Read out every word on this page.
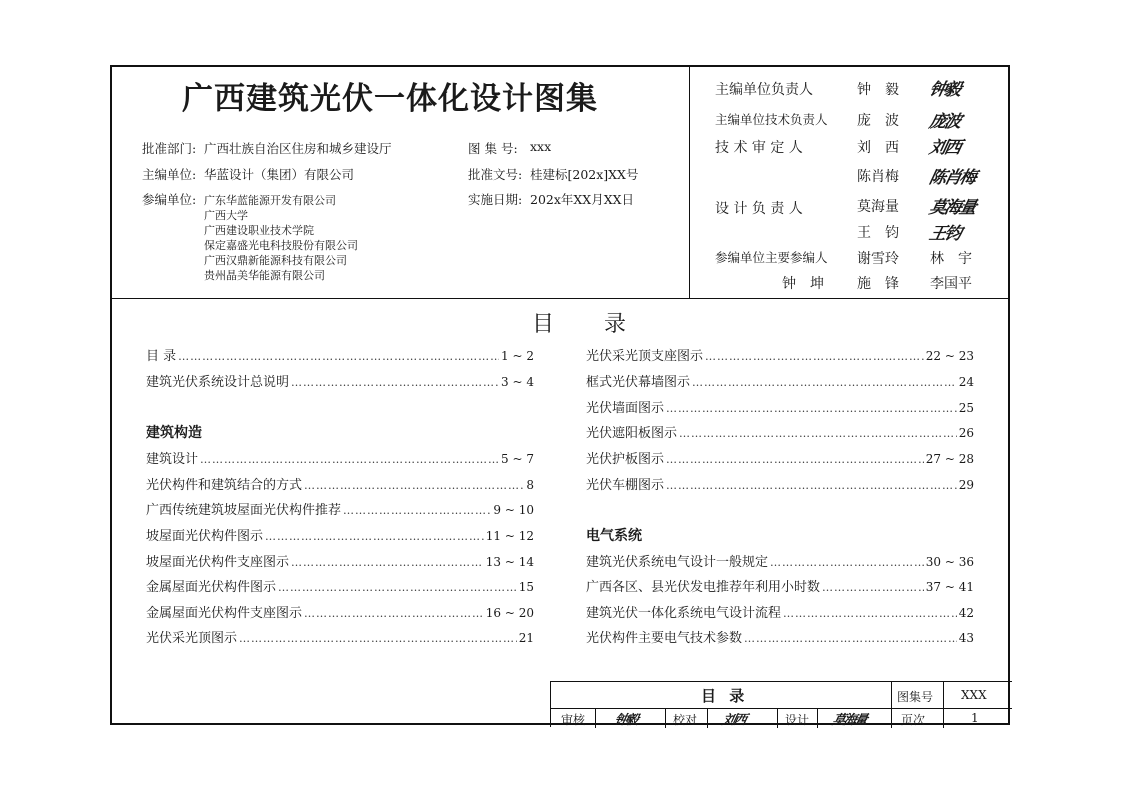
广西建筑光伏一体化设计图集
批准部门: 广西壮族自治区住房和城乡建设厅
主编单位: 华蓝设计（集团）有限公司
参编单位: 广东华蓝能源开发有限公司
广西大学
广西建设职业技术学院
保定嘉盛光电科技股份有限公司
广西汉鼎新能源科技有限公司
贵州晶美华能源有限公司
图 集 号: xxx
批准文号: 桂建标[202x]XX号
实施日期: 202x年XX月XX日
主编单位负责人	钟　毅 钟毅
主编单位技术负责人 庞　波 庞波
技 术 审 定 人	刘　西 刘西
陈肖梅 陈肖梅
设 计 负 责 人	莫海量 莫海量
王　钧 王钧
参编单位主要参编人 谢雪玲 林　宇
钟　坤 施　锋 李国平
目　录
目 录 ……………………………………………………………………………………………………………………………………………………………………	1 ~ 2
建筑光伏系统设计总说明 ……………………………………………………………………………………………………………………………………………………………………	3 ~ 4
建筑构造
建筑设计 ……………………………………………………………………………………………………………………………………………………………………	5 ~ 7
光伏构件和建筑结合的方式 ……………………………………………………………………………………………………………………………………………………………………	8
广西传统建筑坡屋面光伏构件推荐 ……………………………………………………………………………………………………………………………………………………………………	9 ~ 10
坡屋面光伏构件图示 ……………………………………………………………………………………………………………………………………………………………………	11 ~ 12
坡屋面光伏构件支座图示 ……………………………………………………………………………………………………………………………………………………………………	13 ~ 14
金属屋面光伏构件图示 ……………………………………………………………………………………………………………………………………………………………………	15
金属屋面光伏构件支座图示 ……………………………………………………………………………………………………………………………………………………………………	16 ~ 20
光伏采光顶图示 ……………………………………………………………………………………………………………………………………………………………………	21
光伏采光顶支座图示 ……………………………………………………………………………………………………………………………………………………………………	22 ~ 23
框式光伏幕墙图示 ……………………………………………………………………………………………………………………………………………………………………	24
光伏墙面图示 ……………………………………………………………………………………………………………………………………………………………………	25
光伏遮阳板图示 ……………………………………………………………………………………………………………………………………………………………………	26
光伏护板图示 ……………………………………………………………………………………………………………………………………………………………………	27 ~ 28
光伏车棚图示 ……………………………………………………………………………………………………………………………………………………………………	29
电气系统
建筑光伏系统电气设计一般规定 ……………………………………………………………………………………………………………………………………………………………………	30 ~ 36
广西各区、县光伏发电推荐年利用小时数 ……………………………………………………………………………………………………………………………………………………………………	37 ~ 41
建筑光伏一体化系统电气设计流程 ……………………………………………………………………………………………………………………………………………………………………	42
光伏构件主要电气技术参数 ……………………………………………………………………………………………………………………………………………………………………	43
目 录	图集号 XXX
审核 钟毅	校对 刘西	设计 莫海量	页次	1
